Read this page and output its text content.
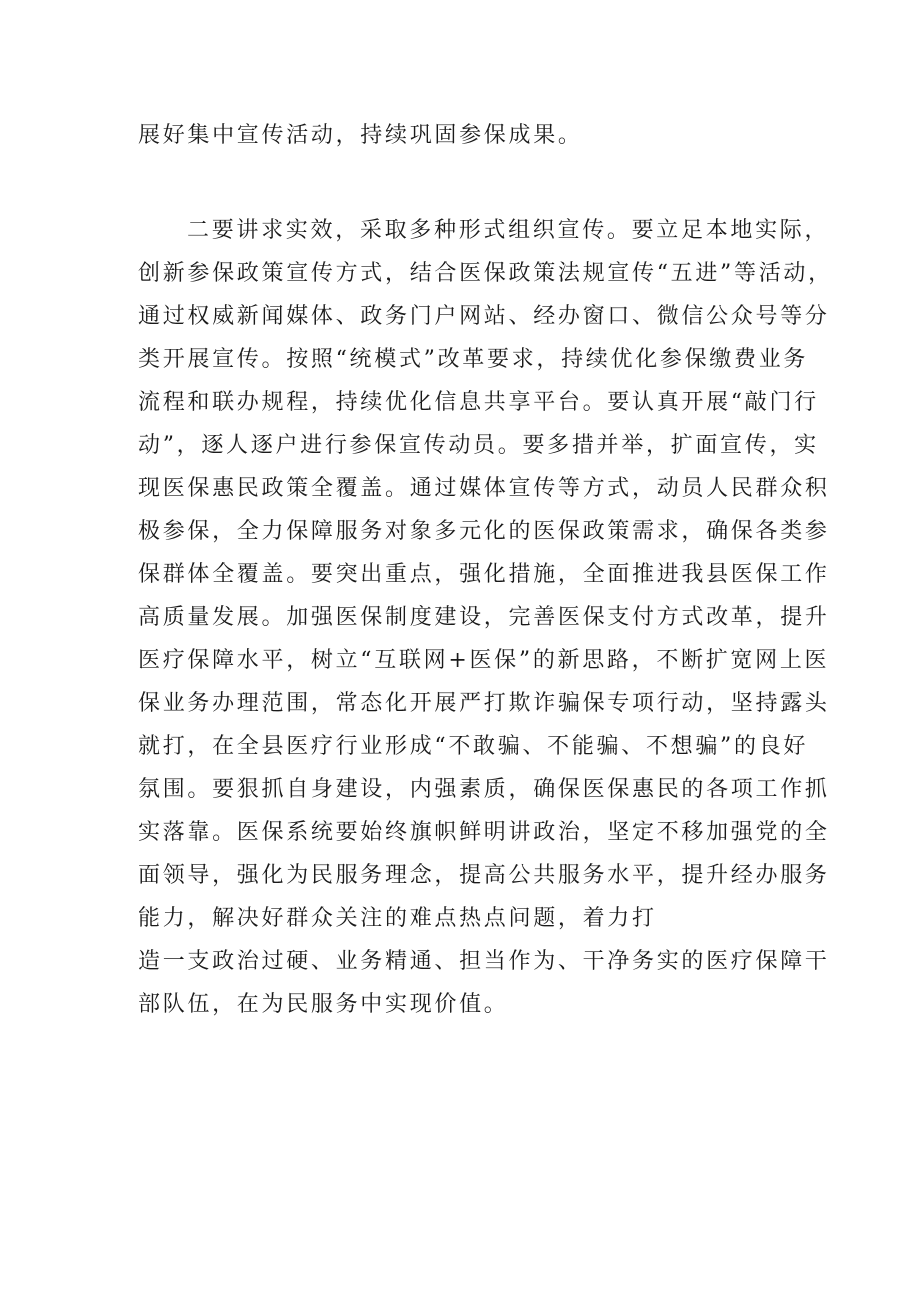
展好集中宣传活动，持续巩固参保成果。
二要讲求实效，采取多种形式组织宣传。要立足本地实际，
创新参保政策宣传方式，结合医保政策法规宣传“五进”等活动，
通过权威新闻媒体、政务门户网站、经办窗口、微信公众号等分
类开展宣传。按照“统模式”改革要求，持续优化参保缴费业务
流程和联办规程，持续优化信息共享平台。要认真开展“敲门行
动”，逐人逐户进行参保宣传动员。要多措并举，扩面宣传，实
现医保惠民政策全覆盖。通过媒体宣传等方式，动员人民群众积
极参保，全力保障服务对象多元化的医保政策需求，确保各类参
保群体全覆盖。要突出重点，强化措施，全面推进我县医保工作
高质量发展。加强医保制度建设，完善医保支付方式改革，提升
医疗保障水平，树立“互联网+医保”的新思路，不断扩宽网上医
保业务办理范围，常态化开展严打欺诈骗保专项行动，坚持露头
就打，在全县医疗行业形成“不敢骗、不能骗、不想骗”的良好
氛围。要狠抓自身建设，内强素质，确保医保惠民的各项工作抓
实落靠。医保系统要始终旗帜鲜明讲政治，坚定不移加强党的全
面领导，强化为民服务理念，提高公共服务水平，提升经办服务
能力，解决好群众关注的难点热点问题，着力打
造一支政治过硬、业务精通、担当作为、干净务实的医疗保障干
部队伍，在为民服务中实现价值。
